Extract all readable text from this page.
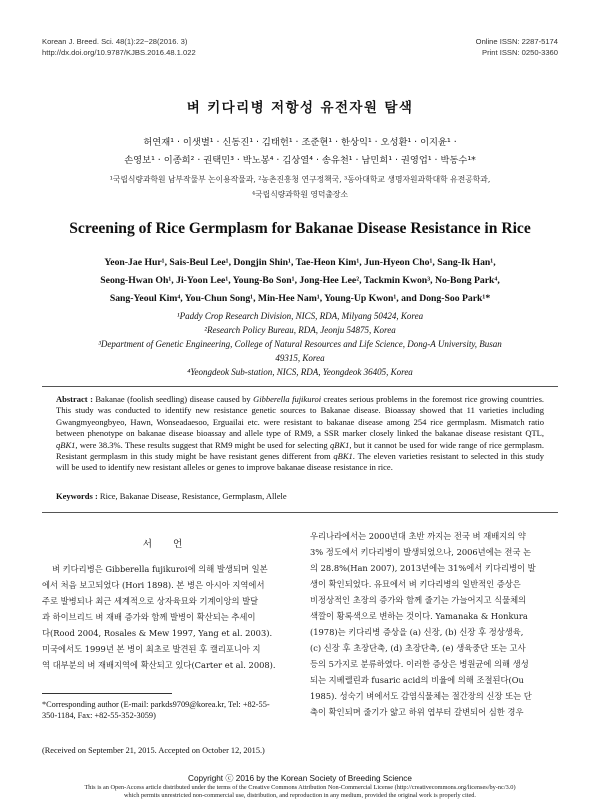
Korean J. Breed. Sci. 48(1):22~28(2016. 3)
http://dx.doi.org/10.9787/KJBS.2016.48.1.022
Online ISSN: 2287-5174
Print ISSN: 0250-3360
벼 키다리병 저항성 유전자원 탐색
허연재¹ · 이샛별¹ · 신동진¹ · 김태헌¹ · 조준현¹ · 한상익¹ · 오성환¹ · 이지윤¹ ·
손영보¹ · 이종희² · 권택민³ · 박노봉⁴ · 김상열⁴ · 송유천¹ · 남민희¹ · 권영업¹ · 박동수¹*
¹국립식량과학원 남부작물부 논이용작물과, ²농촌진흥청 연구정책국, ³동아대학교 생명자원과학대학 유전공학과,
⁴국립식량과학원 영덕출장소
Screening of Rice Germplasm for Bakanae Disease Resistance in Rice
Yeon-Jae Hur¹, Sais-Beul Lee¹, Dongjin Shin¹, Tae-Heon Kim¹, Jun-Hyeon Cho¹, Sang-Ik Han¹,
Seong-Hwan Oh¹, Ji-Yoon Lee¹, Young-Bo Son¹, Jong-Hee Lee², Tackmin Kwon³, No-Bong Park⁴,
Sang-Yeoul Kim⁴, You-Chun Song¹, Min-Hee Nam¹, Young-Up Kwon¹, and Dong-Soo Park¹*
¹Paddy Crop Research Division, NICS, RDA, Milyang 50424, Korea
²Research Policy Bureau, RDA, Jeonju 54875, Korea
³Department of Genetic Engineering, College of Natural Resources and Life Science, Dong-A University, Busan
49315, Korea
⁴Yeongdeok Sub-station, NICS, RDA, Yeongdeok 36405, Korea
Abstract : Bakanae (foolish seedling) disease caused by Gibberella fujikuroi creates serious problems in the foremost rice growing countries. This study was conducted to identify new resistance genetic sources to Bakanae disease. Bioassay showed that 11 varieties including Gwangmyeongbyeo, Hawn, Wonseadaesoo, Erguailai etc. were resistant to bakanae disease among 254 rice germplasm. Mismatch ratio between phenotype on bakanae disease bioassay and allele type of RM9, a SSR marker closely linked the bakanae disease resistant QTL, qBK1, were 38.3%. These results suggest that RM9 might be used for selecting qBK1, but it cannot be used for wide range of rice germplasm. Resistant germplasm in this study might be have resistant genes different from qBK1. The eleven varieties resistant to selected in this study will be used to identify new resistant alleles or genes to improve bakanae disease resistance in rice.
Keywords : Rice, Bakanae Disease, Resistance, Germplasm, Allele
서 언
벼 키다리병은 Gibberella fujikuroi에 의해 발생되며 일본
에서 처음 보고되었다 (Hori 1898). 본 병은 아시아 지역에서
주로 발병되나 최근 세계적으로 상자육묘와 기계이앙의 발달
과 하이브리드 벼 재배 증가와 함께 발병이 확산되는 추세이
다(Rood 2004, Rosales & Mew 1997, Yang et al. 2003).
미국에서도 1999년 본 병이 최초로 발견된 후 캘리포니아 지
역 대부분의 벼 재배지역에 확산되고 있다(Carter et al. 2008).
*Corresponding author (E-mail: parkds9709@korea.kr, Tel: +82-55-
350-1184, Fax: +82-55-352-3059)
(Received on September 21, 2015. Accepted on October 12, 2015.)
우리나라에서는 2000년대 초반 까지는 전국 벼 재배지의 약
3% 정도에서 키다리병이 발생되었으나, 2006년에는 전국 논
의 28.8%(Han 2007), 2013년에는 31%에서 키다리병이 발
생이 확인되었다. 유묘에서 벼 키다리병의 일반적인 증상은
비정상적인 초장의 증가와 함께 줄기는 가늘어지고 식물체의
색깔이 황록색으로 변하는 것이다. Yamanaka & Honkura
(1978)는 키다리병 증상을 (a) 신장, (b) 신장 후 정상생육,
(c) 신장 후 초장단축, (d) 초장단축, (e) 생육중단 또는 고사
등의 5가지로 분류하였다. 이러한 증상은 병원균에 의해 생성
되는 지베렐린과 fusaric acid의 비율에 의해 조절된다(Ou
1985). 성숙기 벼에서도 감염식물체는 절간장의 신장 또는 단
축이 확인되며 줄기가 얇고 하위 엽부터 갈변되어 심한 경우
Copyright ⓒ 2016 by the Korean Society of Breeding Science
This is an Open-Access article distributed under the terms of the Creative Commons Attribution Non-Commercial License (http://creativecommons.org/licenses/by-nc/3.0)
which permits unrestricted non-commercial use, distribution, and reproduction in any medium, provided the original work is properly cited.
